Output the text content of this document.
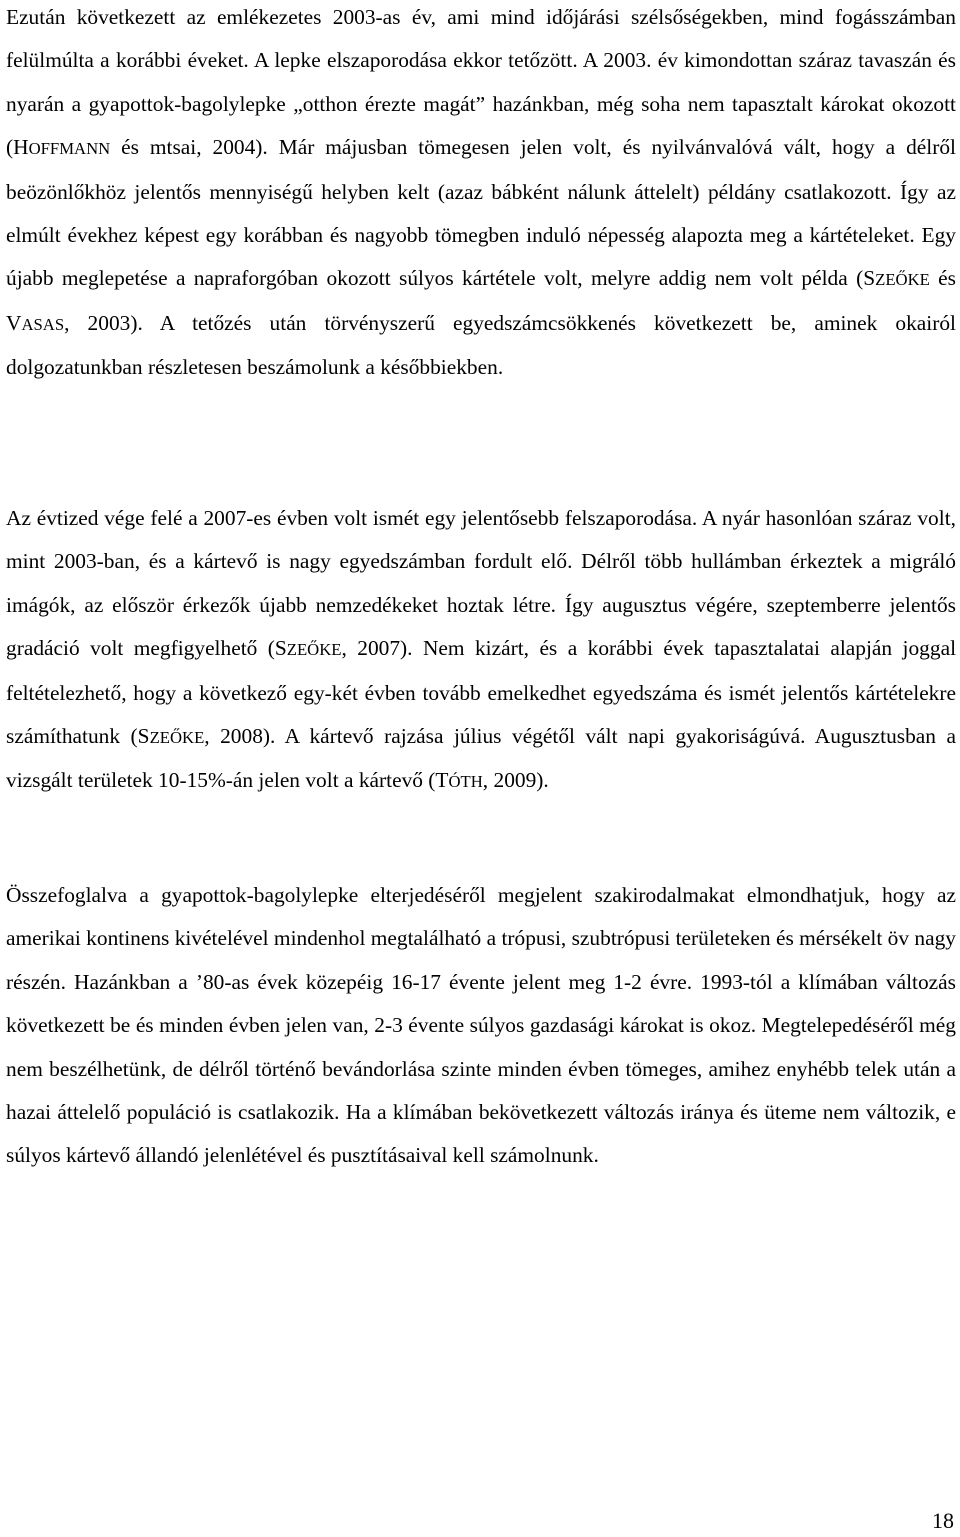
Ezután következett az emlékezetes 2003-as év, ami mind időjárási szélsőségekben, mind fogásszámban felülmúlta a korábbi éveket. A lepke elszaporodása ekkor tetőzött. A 2003. év kimondottan száraz tavaszán és nyarán a gyapottok-bagolylepke „otthon érezte magát” hazánkban, még soha nem tapasztalt károkat okozott (HOFFMANN és mtsai, 2004). Már májusban tömegesen jelen volt, és nyilvánvalóvá vált, hogy a délről beözönlőkhöz jelentős mennyiségű helyben kelt (azaz bábként nálunk áttelelt) példány csatlakozott. Így az elmúlt évekhez képest egy korábban és nagyobb tömegben induló népesség alapozta meg a kártételeket. Egy újabb meglepetése a napraforgóban okozott súlyos kártétele volt, melyre addig nem volt példa (SZEŐKE és VASAS, 2003). A tetőzés után törvényszerű egyedszámcsökkenés következett be, aminek okairól dolgozatunkban részletesen beszámolunk a későbbiekben.

Az évtized vége felé a 2007-es évben volt ismét egy jelentősebb felszaporodása. A nyár hasonlóan száraz volt, mint 2003-ban, és a kártevő is nagy egyedszámban fordult elő. Délről több hullámban érkeztek a migráló imágók, az először érkezők újabb nemzedékeket hoztak létre. Így augusztus végére, szeptemberre jelentős gradáció volt megfigyelhető (SZEŐKE, 2007). Nem kizárt, és a korábbi évek tapasztalatai alapján joggal feltételezhető, hogy a következő egy-két évben tovább emelkedhet egyedszáma és ismét jelentős kártételekre számíthatunk (SZEŐKE, 2008). A kártevő rajzása július végétől vált napi gyakoriságúvá. Augusztusban a vizsgált területek 10-15%-án jelen volt a kártevő (TÓTH, 2009).

Összefoglalva a gyapottok-bagolylepke elterjedéséről megjelent szakirodalmakat elmondhatjuk, hogy az amerikai kontinens kivételével mindenhol megtalálható a trópusi, szubtrópusi területeken és mérsékelt öv nagy részén. Hazánkban a ’80-as évek közepéig 16-17 évente jelent meg 1-2 évre. 1993-tól a klímában változás következett be és minden évben jelen van, 2-3 évente súlyos gazdasági károkat is okoz. Megtelepedéséről még nem beszélhetünk, de délről történő bevándorlása szinte minden évben tömeges, amihez enyhébb telek után a hazai áttelelő populáció is csatlakozik. Ha a klímában bekövetkezett változás iránya és üteme nem változik, e súlyos kártevő állandó jelenlétével és pusztításaival kell számolnunk.

18
